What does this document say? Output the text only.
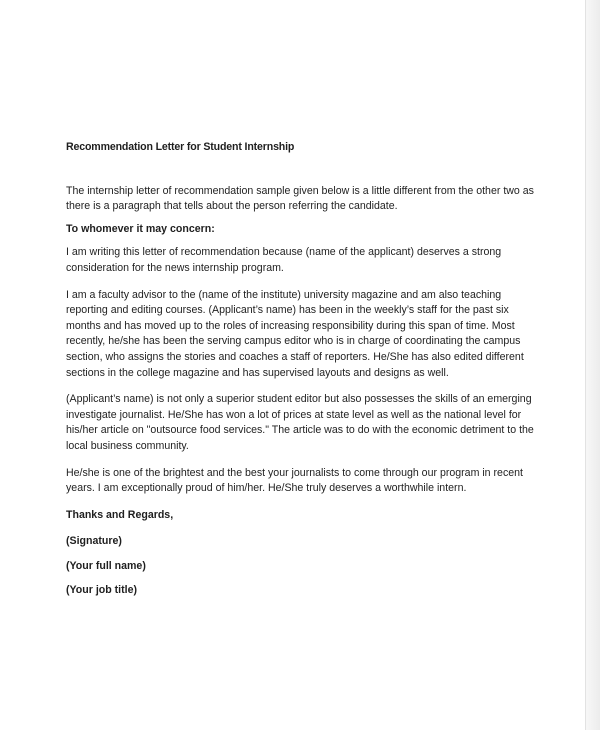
Recommendation Letter for Student Internship

The internship letter of recommendation sample given below is a little different from the other two as there is a paragraph that tells about the person referring the candidate.

To whomever it may concern:

I am writing this letter of recommendation because (name of the applicant) deserves a strong consideration for the news internship program.

I am a faculty advisor to the (name of the institute) university magazine and am also teaching reporting and editing courses. (Applicant’s name) has been in the weekly’s staff for the past six months and has moved up to the roles of increasing responsibility during this span of time. Most recently, he/she has been the serving campus editor who is in charge of coordinating the campus section, who assigns the stories and coaches a staff of reporters. He/She has also edited different sections in the college magazine and has supervised layouts and designs as well.

(Applicant’s name) is not only a superior student editor but also possesses the skills of an emerging investigate journalist. He/She has won a lot of prices at state level as well as the national level for his/her article on "outsource food services." The article was to do with the economic detriment to the local business community.

He/she is one of the brightest and the best your journalists to come through our program in recent years. I am exceptionally proud of him/her. He/She truly deserves a worthwhile intern.

Thanks and Regards,

(Signature)

(Your full name)

(Your job title)
